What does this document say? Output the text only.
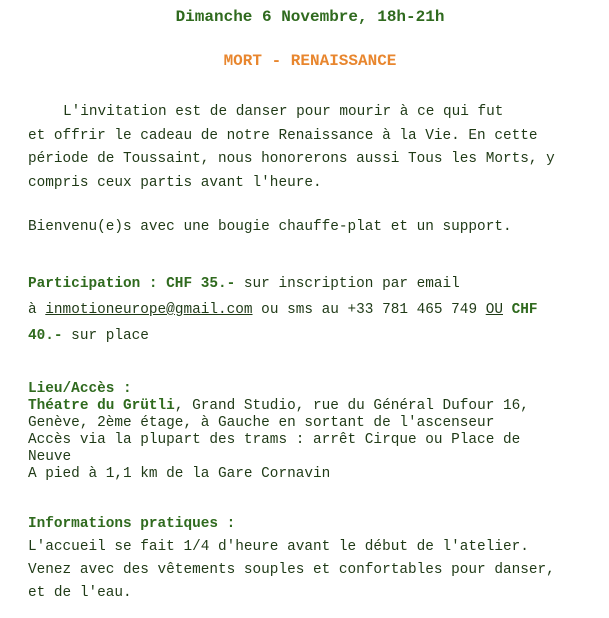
Dimanche 6 Novembre, 18h-21h
MORT - RENAISSANCE
L'invitation est de danser pour mourir à ce qui fut
et offrir le cadeau de notre Renaissance à la Vie. En cette
période de Toussaint, nous honorerons aussi Tous les Morts, y
compris ceux partis avant l'heure.
Bienvenu(e)s avec une bougie chauffe-plat et un support.
Participation : CHF 35.- sur inscription par email
à inmotioneurope@gmail.com ou sms au +33 781 465 749 OU CHF
40.- sur place
Lieu/Accès :
Théatre du Grütli, Grand Studio, rue du Général Dufour 16,
Genève, 2ème étage, à Gauche en sortant de l'ascenseur
Accès via la plupart des trams : arrêt Cirque ou Place de
Neuve
A pied à 1,1 km de la Gare Cornavin
Informations pratiques :
L'accueil se fait 1/4 d'heure avant le début de l'atelier.
Venez avec des vêtements souples et confortables pour danser,
et de l'eau.
